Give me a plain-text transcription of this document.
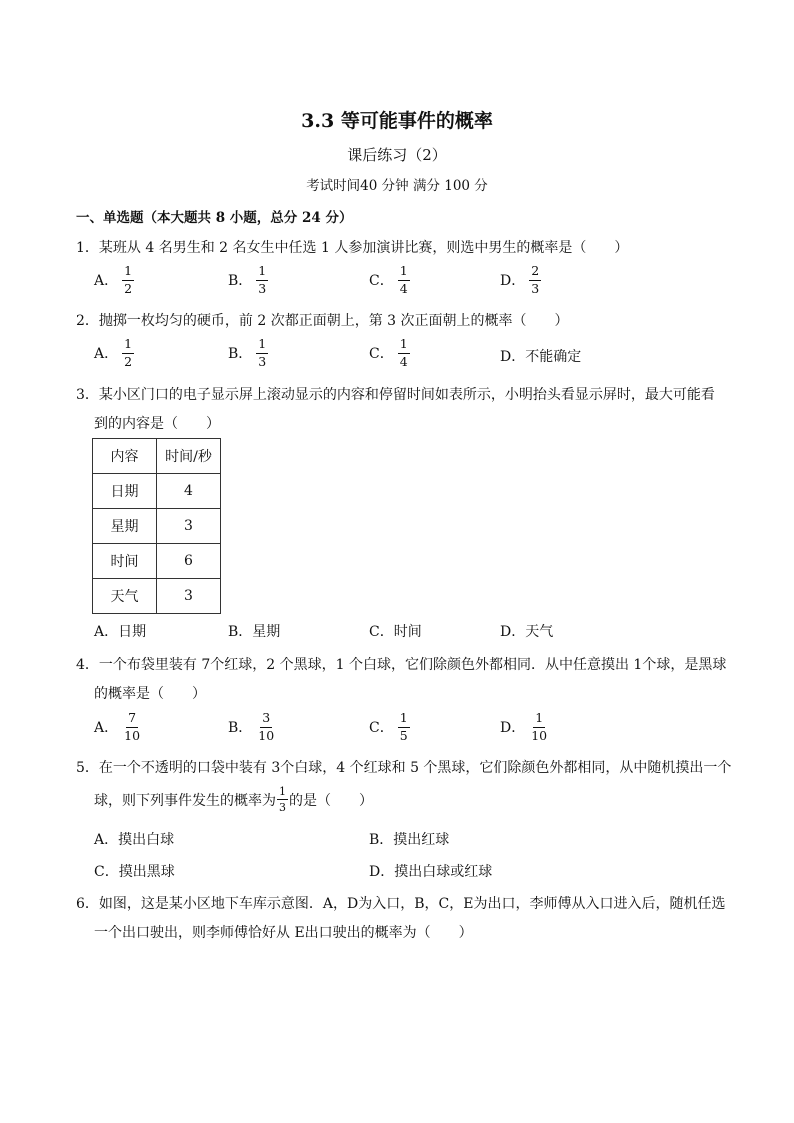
3.3 等可能事件的概率
课后练习（2）
考试时间40 分钟 满分 100 分
一、单选题（本大题共 8 小题，总分 24 分）
1．某班从 4 名男生和 2 名女生中任选 1 人参加演讲比赛，则选中男生的概率是（　　）
A． $\frac{1}{2}$	B． $\frac{1}{3}$	C． $\frac{1}{4}$	D． $\frac{2}{3}$
2．抛掷一枚均匀的硬币，前 2 次都正面朝上，第 3 次正面朝上的概率（　　）
A． $\frac{1}{2}$	B． $\frac{1}{3}$	C． $\frac{1}{4}$	D．不能确定
3．某小区门口的电子显示屏上滚动显示的内容和停留时间如表所示，小明抬头看显示屏时，最大可能看
到的内容是（　　）
内容	时间/秒
日期	4
星期	3
时间	6
天气	3
A．日期	B．星期	C．时间	D．天气
4．一个布袋里装有 7个红球，2 个黑球，1 个白球，它们除颜色外都相同．从中任意摸出 1个球，是黑球
的概率是（　　）
A． $\frac{7}{10}$	B． $\frac{3}{10}$	C． $\frac{1}{5}$	D． $\frac{1}{10}$
5．在一个不透明的口袋中装有 3个白球，4 个红球和 5 个黑球，它们除颜色外都相同，从中随机摸出一个
球，则下列事件发生的概率为 $\frac{1}{3}$ 的是（　　）
A．摸出白球	B．摸出红球
C．摸出黑球	D．摸出白球或红球
6．如图，这是某小区地下车库示意图．A，D为入口，B，C，E为出口，李师傅从入口进入后，随机任选
一个出口驶出，则李师傅恰好从 E出口驶出的概率为（　　）
